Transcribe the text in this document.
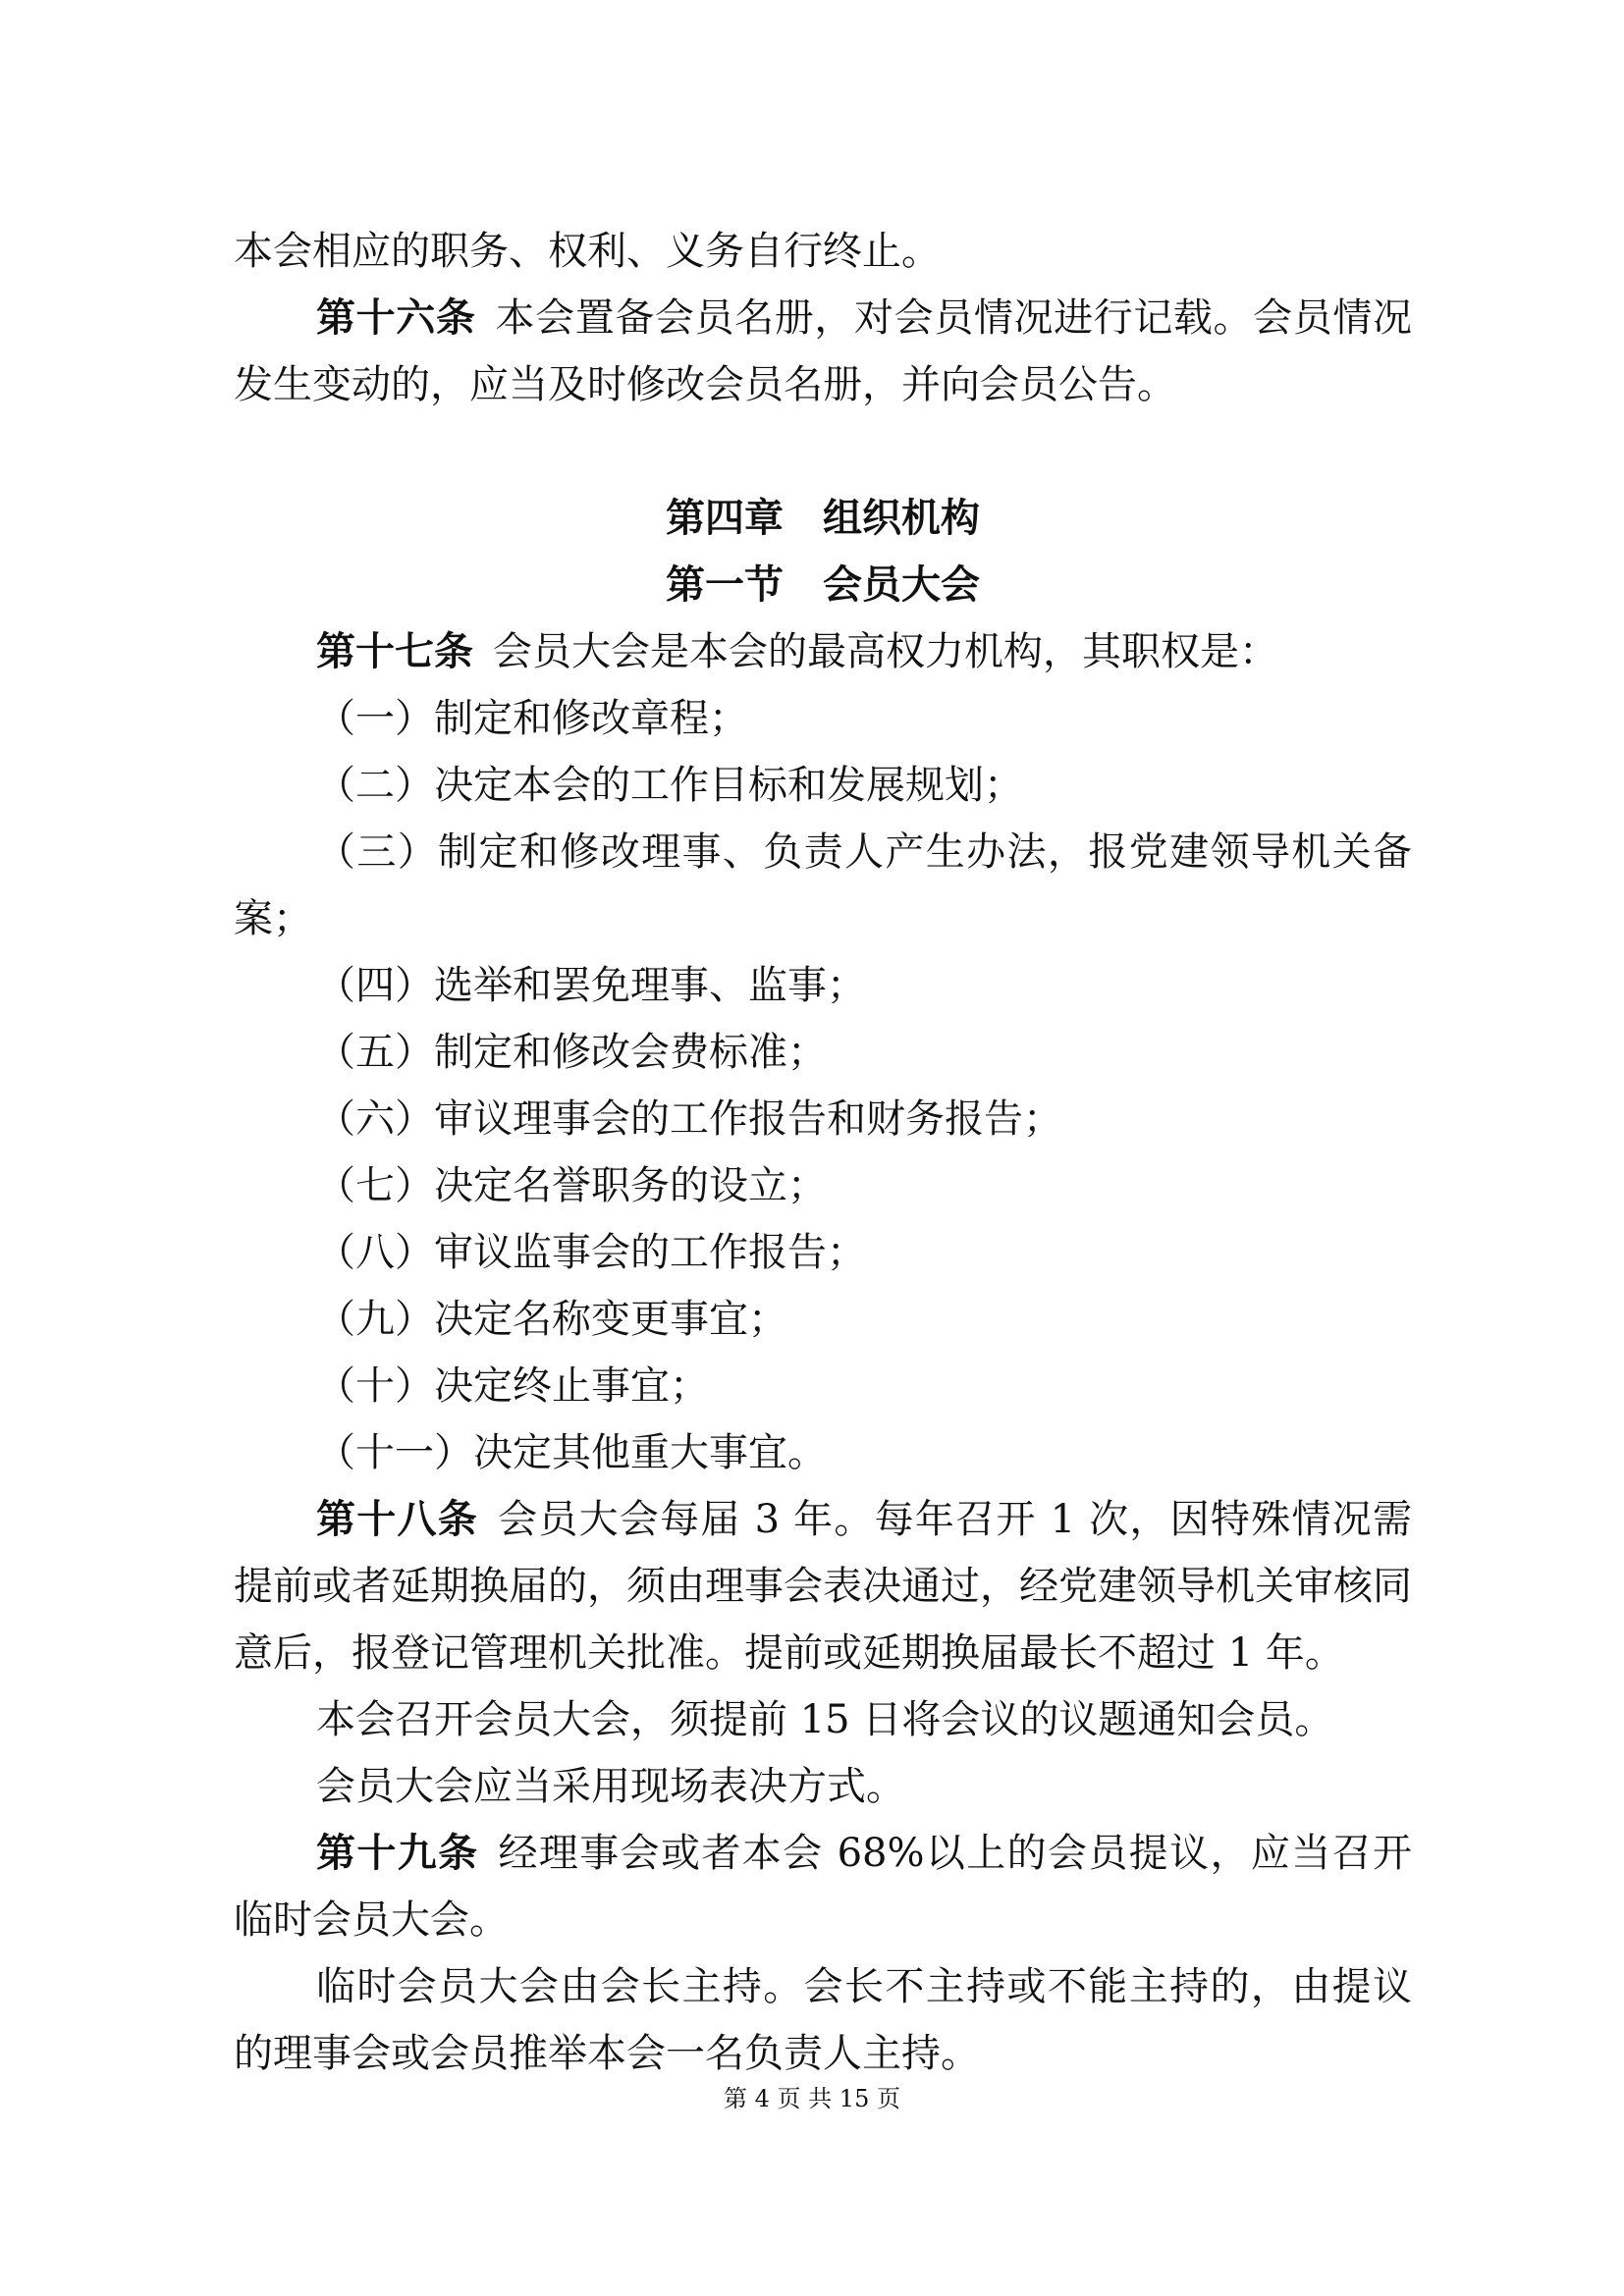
本会相应的职务、权利、义务自行终止。

第十六条 本会置备会员名册，对会员情况进行记载。会员情况发生变动的，应当及时修改会员名册，并向会员公告。

第四章　组织机构

第一节　会员大会

第十七条 会员大会是本会的最高权力机构，其职权是：

（一）制定和修改章程；

（二）决定本会的工作目标和发展规划；

（三）制定和修改理事、负责人产生办法，报党建领导机关备案；

（四）选举和罢免理事、监事；

（五）制定和修改会费标准；

（六）审议理事会的工作报告和财务报告；

（七）决定名誉职务的设立；

（八）审议监事会的工作报告；

（九）决定名称变更事宜；

（十）决定终止事宜；

（十一）决定其他重大事宜。

第十八条 会员大会每届 3 年。每年召开 1 次，因特殊情况需提前或者延期换届的，须由理事会表决通过，经党建领导机关审核同意后，报登记管理机关批准。提前或延期换届最长不超过 1 年。

本会召开会员大会，须提前 15 日将会议的议题通知会员。

会员大会应当采用现场表决方式。

第十九条 经理事会或者本会 68%以上的会员提议，应当召开临时会员大会。

临时会员大会由会长主持。会长不主持或不能主持的，由提议的理事会或会员推举本会一名负责人主持。

第 4 页 共 15 页
